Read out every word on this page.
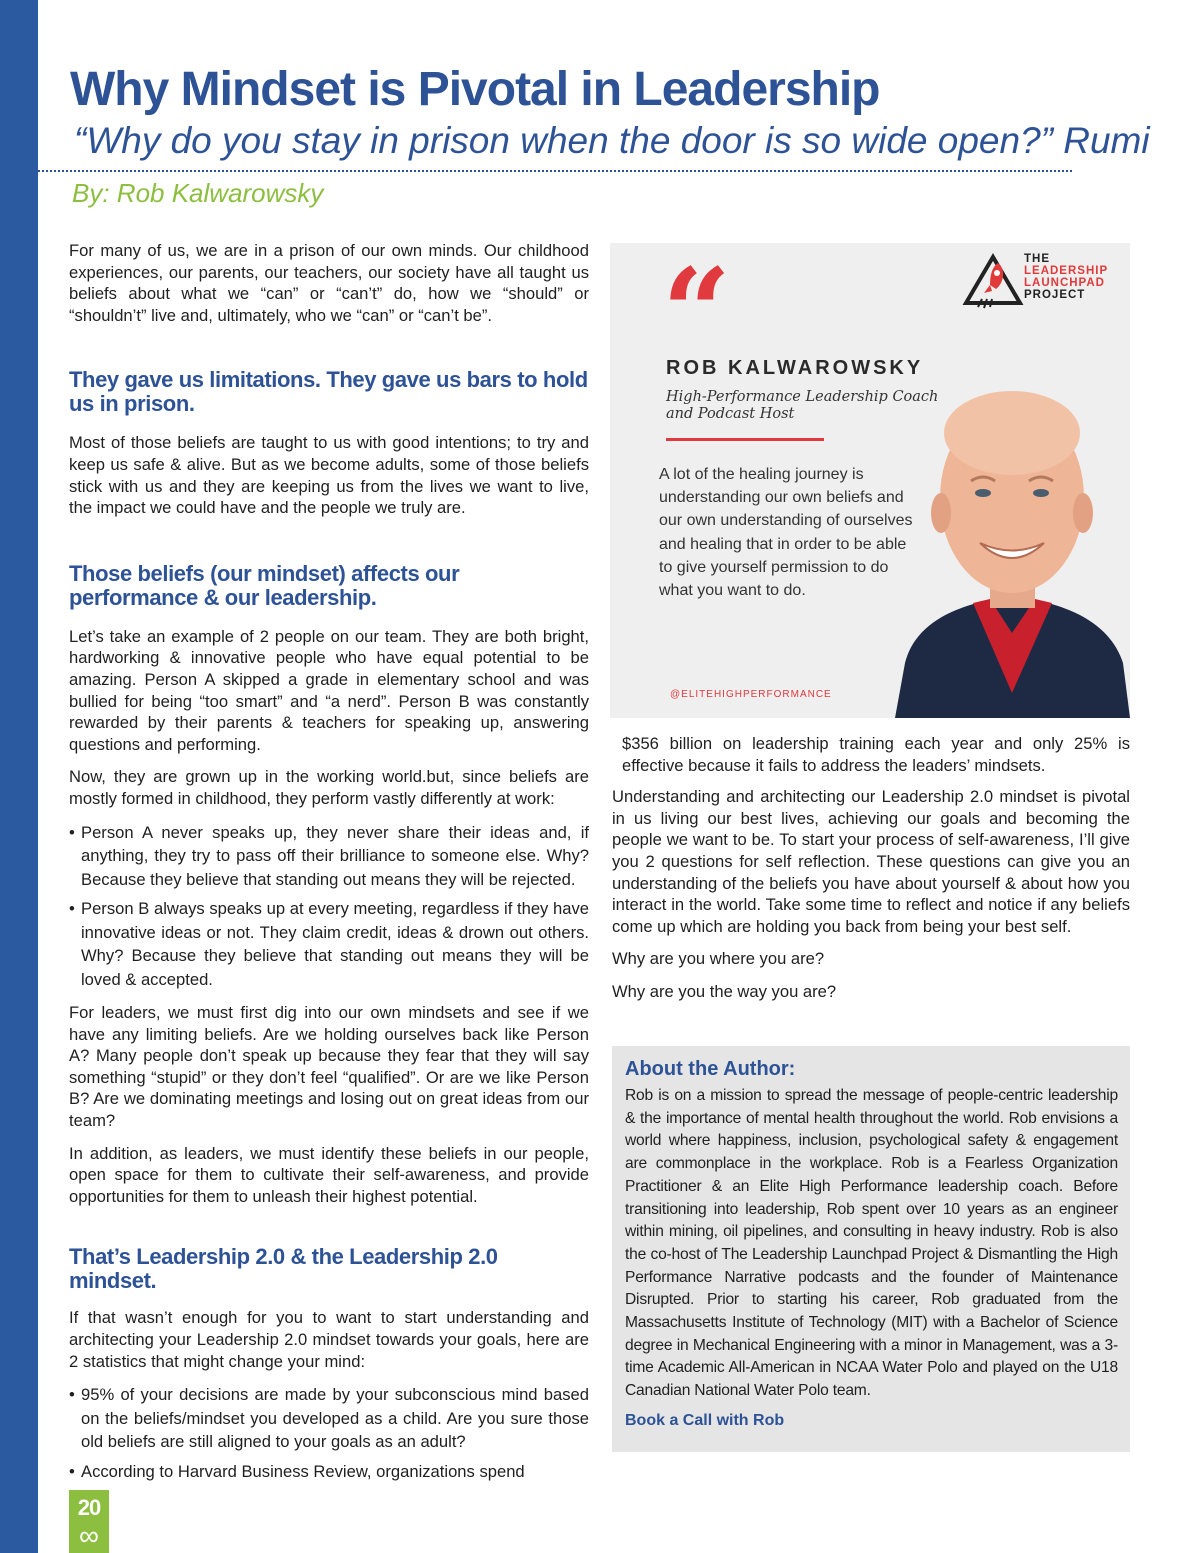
Why Mindset is Pivotal in Leadership
“Why do you stay in prison when the door is so wide open?” Rumi
By: Rob Kalwarowsky

For many of us, we are in a prison of our own minds. Our childhood experiences, our parents, our teachers, our society have all taught us beliefs about what we “can” or “can’t” do, how we “should” or “shouldn’t” live and, ultimately, who we “can” or “can’t be”.

They gave us limitations. They gave us bars to hold us in prison.

Most of those beliefs are taught to us with good intentions; to try and keep us safe & alive. But as we become adults, some of those beliefs stick with us and they are keeping us from the lives we want to live, the impact we could have and the people we truly are.

Those beliefs (our mindset) affects our performance & our leadership.

Let’s take an example of 2 people on our team. They are both bright, hardworking & innovative people who have equal potential to be amazing. Person A skipped a grade in elementary school and was bullied for being “too smart” and “a nerd”. Person B was constantly rewarded by their parents & teachers for speaking up, answering questions and performing.

Now, they are grown up in the working world.but, since beliefs are mostly formed in childhood, they perform vastly differently at work:

• Person A never speaks up, they never share their ideas and, if anything, they try to pass off their brilliance to someone else. Why? Because they believe that standing out means they will be rejected.
• Person B always speaks up at every meeting, regardless if they have innovative ideas or not. They claim credit, ideas & drown out others. Why? Because they believe that standing out means they will be loved & accepted.

For leaders, we must first dig into our own mindsets and see if we have any limiting beliefs. Are we holding ourselves back like Person A? Many people don’t speak up because they fear that they will say something “stupid” or they don’t feel “qualified”. Or are we like Person B? Are we dominating meetings and losing out on great ideas from our team?

In addition, as leaders, we must identify these beliefs in our people, open space for them to cultivate their self-awareness, and provide opportunities for them to unleash their highest potential.

That’s Leadership 2.0 & the Leadership 2.0 mindset.

If that wasn’t enough for you to want to start understanding and architecting your Leadership 2.0 mindset towards your goals, here are 2 statistics that might change your mind:

• 95% of your decisions are made by your subconscious mind based on the beliefs/mindset you developed as a child. Are you sure those old beliefs are still aligned to your goals as an adult?
• According to Harvard Business Review, organizations spend
THE
LEADERSHIP
LAUNCHPAD
PROJECT
“
ROB KALWAROWSKY
High-Performance Leadership Coach and Podcast Host
A lot of the healing journey is understanding our own beliefs and our own understanding of ourselves and healing that in order to be able to give yourself permission to do what you want to do.
@ELITEHIGHPERFORMANCE

$356 billion on leadership training each year and only 25% is effective because it fails to address the leaders’ mindsets.

Understanding and architecting our Leadership 2.0 mindset is pivotal in us living our best lives, achieving our goals and becoming the people we want to be. To start your process of self-awareness, I’ll give you 2 questions for self reflection. These questions can give you an understanding of the beliefs you have about yourself & about how you interact in the world. Take some time to reflect and notice if any beliefs come up which are holding you back from being your best self.

Why are you where you are?

Why are you the way you are?

About the Author:
Rob is on a mission to spread the message of people-centric leadership & the importance of mental health throughout the world. Rob envisions a world where happiness, inclusion, psychological safety & engagement are commonplace in the workplace. Rob is a Fearless Organization Practitioner & an Elite High Performance leadership coach. Before transitioning into leadership, Rob spent over 10 years as an engineer within mining, oil pipelines, and consulting in heavy industry. Rob is also the co-host of The Leadership Launchpad Project & Dismantling the High Performance Narrative podcasts and the founder of Maintenance Disrupted. Prior to starting his career, Rob graduated from the Massachusetts Institute of Technology (MIT) with a Bachelor of Science degree in Mechanical Engineering with a minor in Management, was a 3-time Academic All-American in NCAA Water Polo and played on the U18 Canadian National Water Polo team.
Book a Call with Rob
20
∞
